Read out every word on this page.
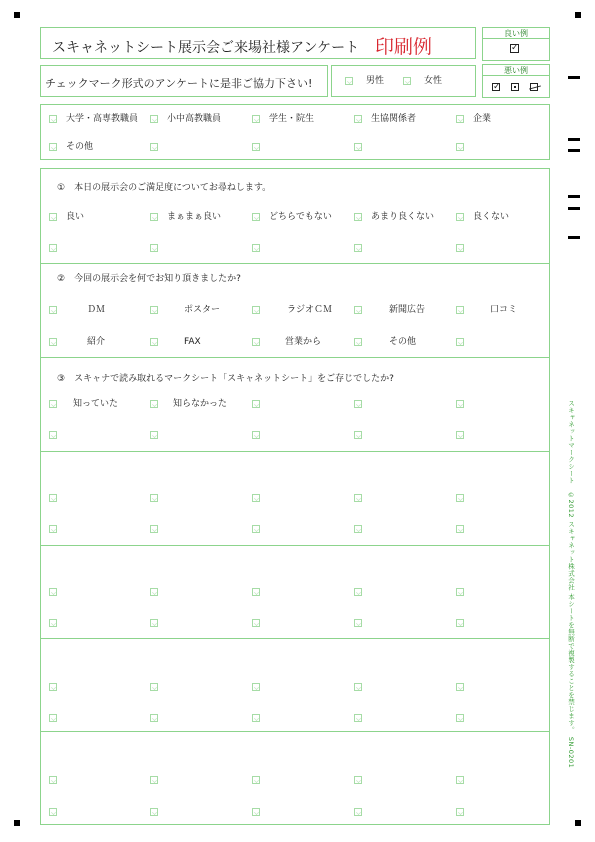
スキャネットシート展示会ご来場社様アンケート 印刷例
チェックマーク形式のアンケートに是非ご協力下さい!	男性	女性
良い例
✓
悪い例
✓
大学・高専教職員	小中高教職員	学生・院生	生協関係者	企業
その他
①　本日の展示会のご満足度についてお尋ねします。
良い	まぁまぁ良い	どちらでもない	あまり良くない	良くない
②　今回の展示会を何でお知り頂きましたか?
ＤＭ	ポスター	ラジオＣＭ	新聞広告	口コミ
紹介	FAX	営業から	その他
③　スキャナで読み取れるマークシート「スキャネットシート」をご存じでしたか?
知っていた	知らなかった	スキャネットマークシート　©2012 スキャネット株式会社 本シートを無断で複製することを禁じます。　SN-0201
